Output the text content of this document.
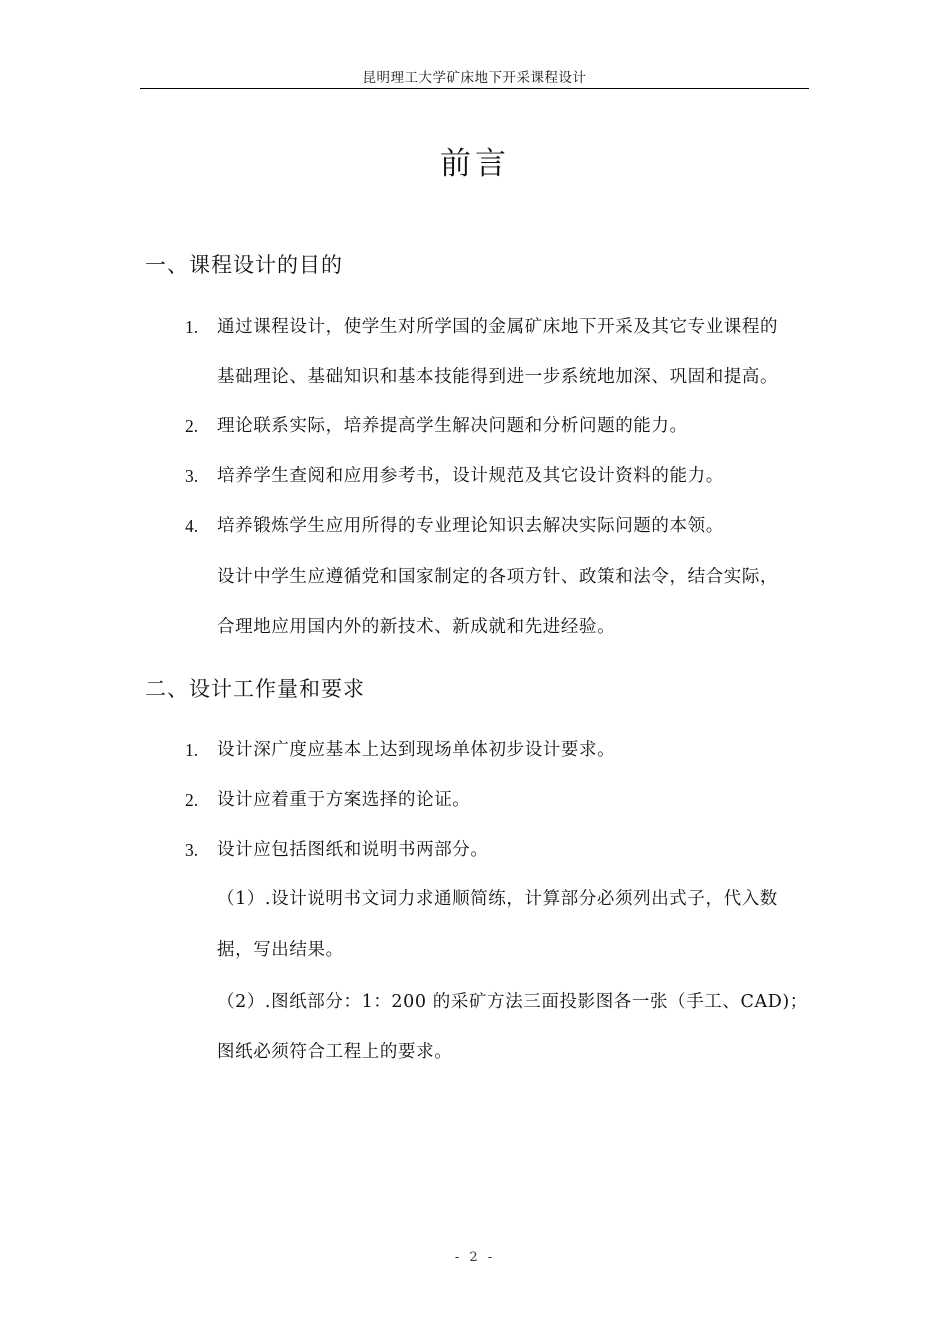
昆明理工大学矿床地下开采课程设计
前言
一、课程设计的目的
1.	通过课程设计，使学生对所学国的金属矿床地下开采及其它专业课程的
基础理论、基础知识和基本技能得到进一步系统地加深、巩固和提高。
2.	理论联系实际，培养提高学生解决问题和分析问题的能力。
3.	培养学生查阅和应用参考书，设计规范及其它设计资料的能力。
4.	培养锻炼学生应用所得的专业理论知识去解决实际问题的本领。
设计中学生应遵循党和国家制定的各项方针、政策和法令，结合实际，
合理地应用国内外的新技术、新成就和先进经验。
二、设计工作量和要求
1.	设计深广度应基本上达到现场单体初步设计要求。
2.	设计应着重于方案选择的论证。
3.	设计应包括图纸和说明书两部分。
（1）.设计说明书文词力求通顺简练，计算部分必须列出式子，代入数
据，写出结果。
（2）.图纸部分：1：200 的采矿方法三面投影图各一张（手工、CAD)；
图纸必须符合工程上的要求。
- 2 -
